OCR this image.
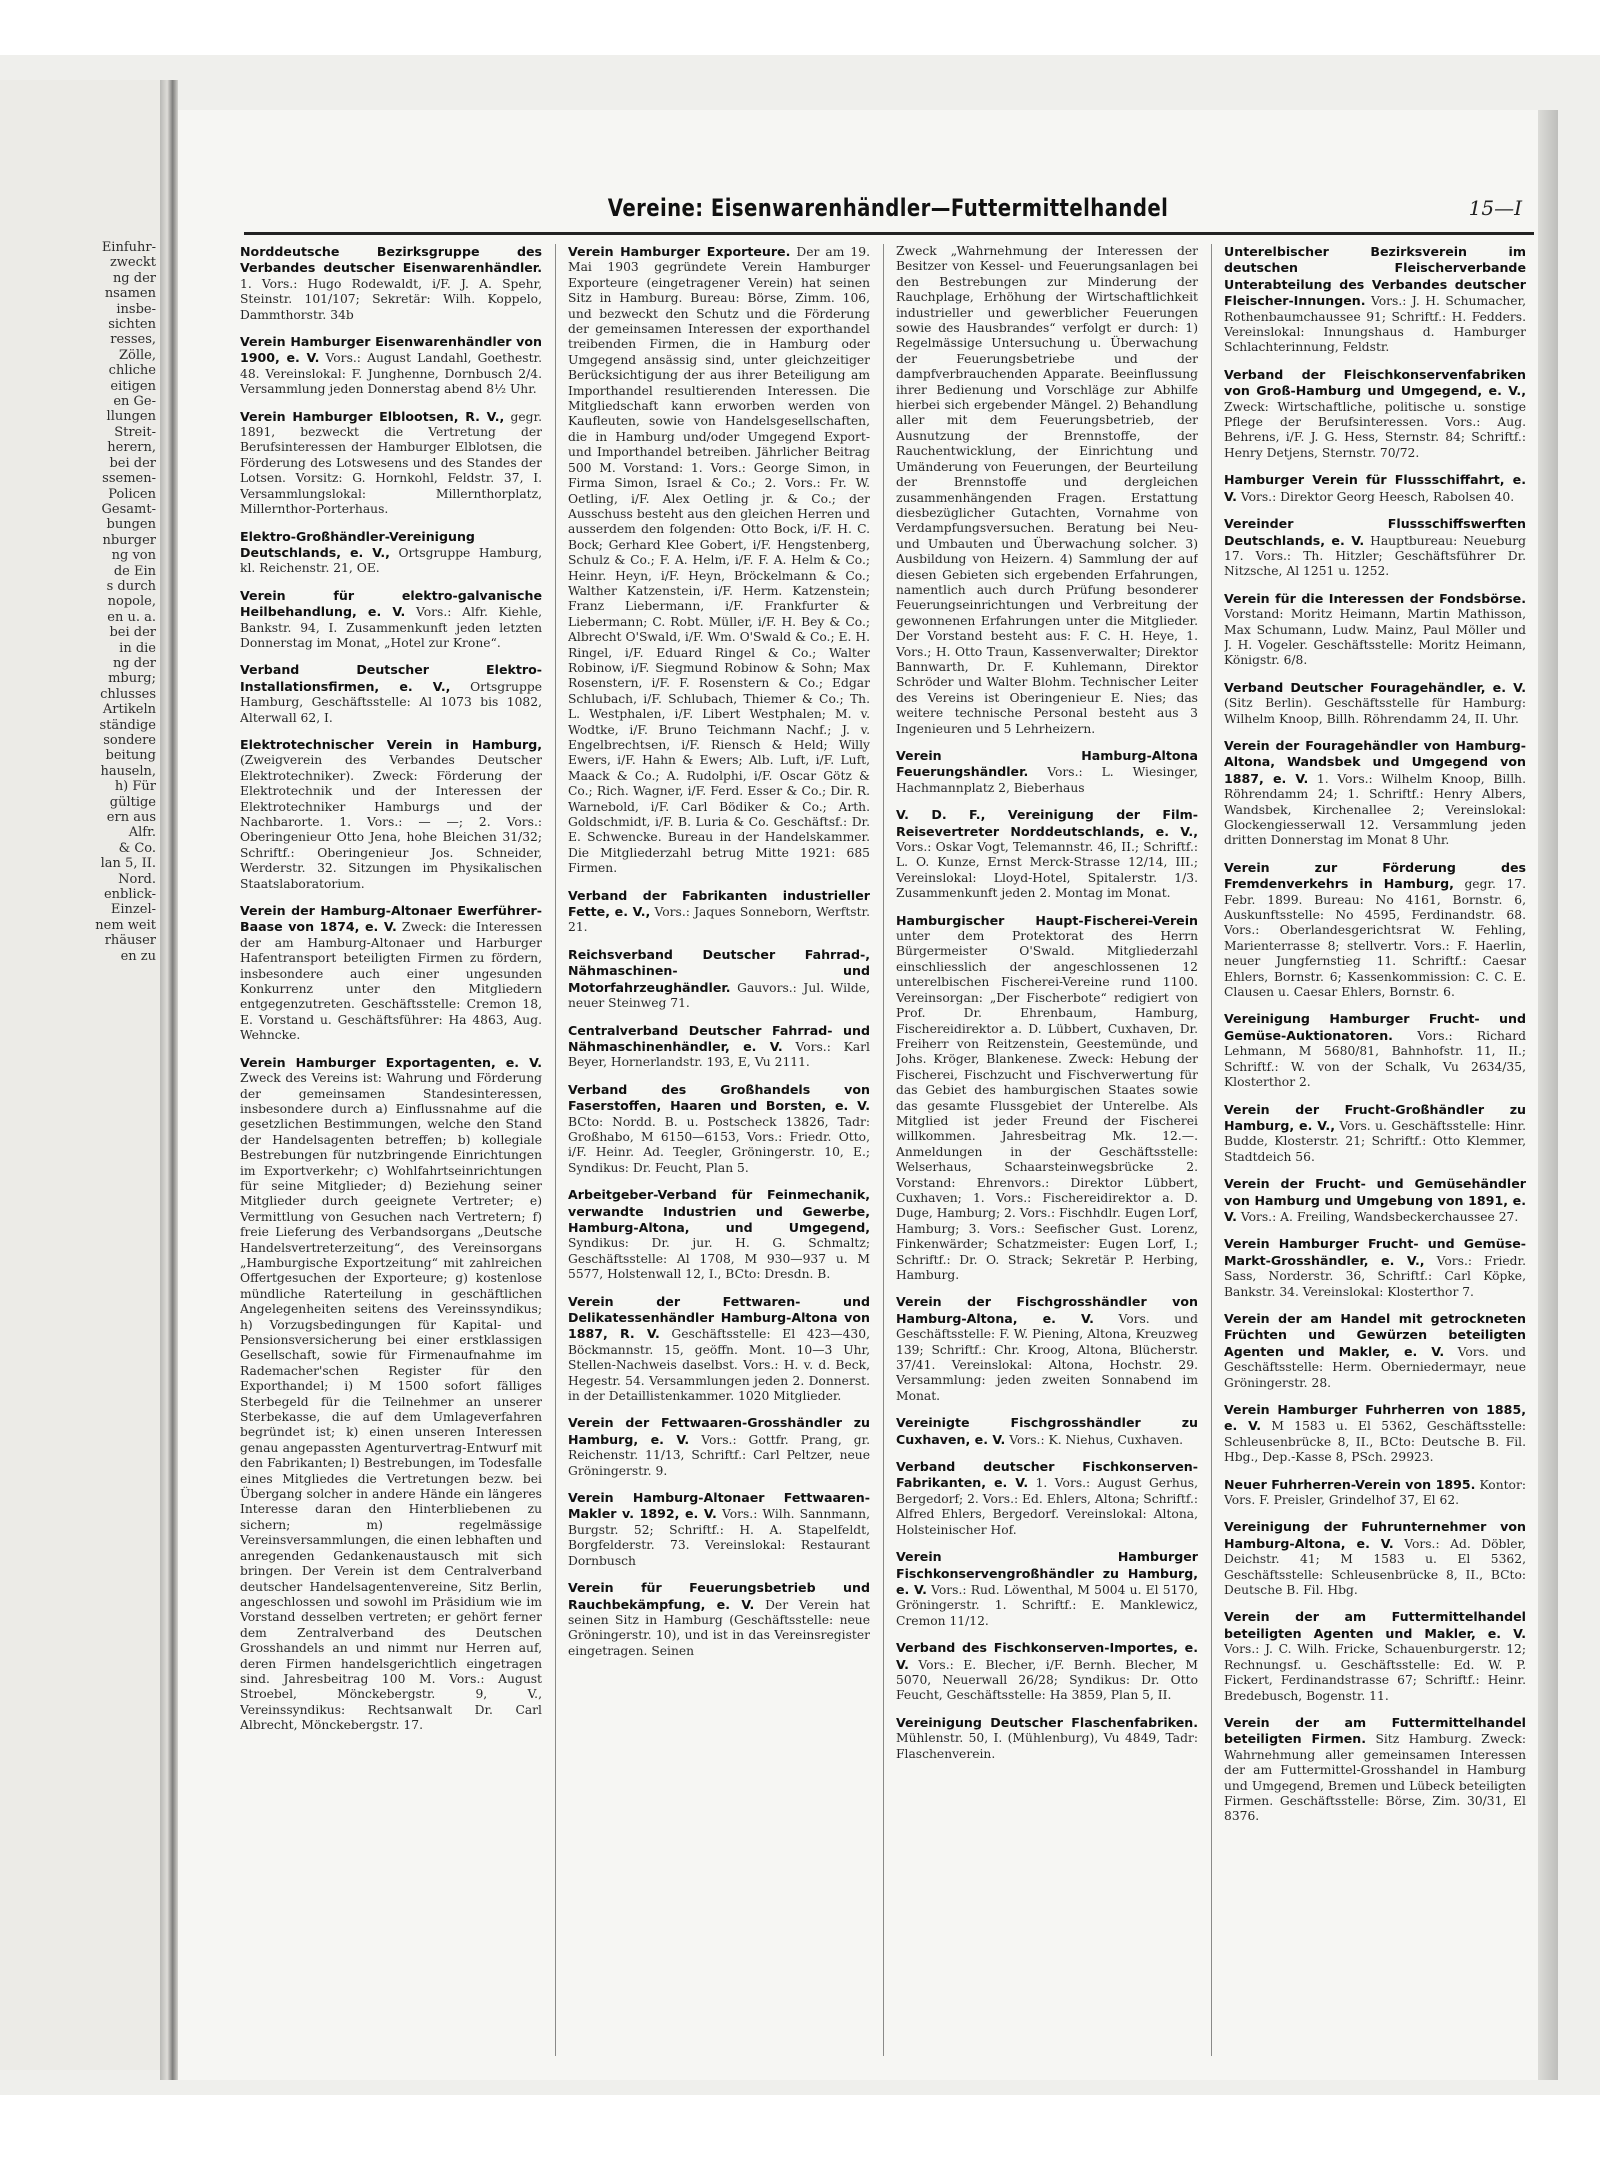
Einfuhr-
zweckt
ng der
nsamen
insbe-
sichten
resses,
Zölle,
chliche
eitigen
en Ge-
llungen
Streit-
herern,
bei der
ssemen-
Policen
Gesamt-
bungen
nburger
ng von
de Ein
s durch
nopole,
en u. a.
bei der
in die
ng der
mburg;
chlusses
Artikeln
ständige
sondere
beitung
hauseln,
h) Für
gültige
ern aus
Alfr.
& Co.
lan 5, II.
Nord.
enblick-
Einzel-
nem weit
rhäuser
en zu
Vereine: Eisenwarenhändler—Futtermittelhandel	15—I

Norddeutsche Bezirksgruppe des Verbandes deutscher Eisenwarenhändler. 1. Vors.: Hugo Rodewaldt, i/F. J. A. Spehr, Steinstr. 101/107; Sekretär: Wilh. Koppelo, Dammthorstr. 34b

Verein Hamburger Eisenwarenhändler von 1900, e. V. Vors.: August Landahl, Goethestr. 48. Vereinslokal: F. Junghenne, Dornbusch 2/4. Versammlung jeden Donnerstag abend 8½ Uhr.

Verein Hamburger Elblootsen, R. V., gegr. 1891, bezweckt die Vertretung der Berufsinteressen der Hamburger Elblotsen, die Förderung des Lotswesens und des Standes der Lotsen. Vorsitz: G. Hornkohl, Feldstr. 37, I. Versammlungslokal: Millernthorplatz, Millernthor-Porterhaus.

Elektro-Großhändler-Vereinigung Deutschlands, e. V., Ortsgruppe Hamburg, kl. Reichenstr. 21, OE.

Verein für elektro-galvanische Heilbehandlung, e. V. Vors.: Alfr. Kiehle, Bankstr. 94, I. Zusammenkunft jeden letzten Donnerstag im Monat, „Hotel zur Krone“.

Verband Deutscher Elektro-Installationsfirmen, e. V., Ortsgruppe Hamburg, Geschäftsstelle: Al 1073 bis 1082, Alterwall 62, I.

Elektrotechnischer Verein in Hamburg, (Zweigverein des Verbandes Deutscher Elektrotechniker). Zweck: Förderung der Elektrotechnik und der Interessen der Elektrotechniker Hamburgs und der Nachbarorte. 1. Vors.: — —; 2. Vors.: Oberingenieur Otto Jena, hohe Bleichen 31/32; Schriftf.: Oberingenieur Jos. Schneider, Werderstr. 32. Sitzungen im Physikalischen Staatslaboratorium.

Verein der Hamburg-Altonaer Ewerführer-Baase von 1874, e. V. Zweck: die Interessen der am Hamburg-Altonaer und Harburger Hafentransport beteiligten Firmen zu fördern, insbesondere auch einer ungesunden Konkurrenz unter den Mitgliedern entgegenzutreten. Geschäftsstelle: Cremon 18, E. Vorstand u. Geschäftsführer: Ha 4863, Aug. Wehncke.

Verein Hamburger Exportagenten, e. V. Zweck des Vereins ist: Wahrung und Förderung der gemeinsamen Standesinteressen, insbesondere durch a) Einflussnahme auf die gesetzlichen Bestimmungen, welche den Stand der Handelsagenten betreffen; b) kollegiale Bestrebungen für nutzbringende Einrichtungen im Exportverkehr; c) Wohlfahrtseinrichtungen für seine Mitglieder; d) Beziehung seiner Mitglieder durch geeignete Vertreter; e) Vermittlung von Gesuchen nach Vertretern; f) freie Lieferung des Verbandsorgans „Deutsche Handelsvertreterzeitung“, des Vereinsorgans „Hamburgische Exportzeitung“ mit zahlreichen Offertgesuchen der Exporteure; g) kostenlose mündliche Raterteilung in geschäftlichen Angelegenheiten seitens des Vereinssyndikus; h) Vorzugsbedingungen für Kapital- und Pensionsversicherung bei einer erstklassigen Gesellschaft, sowie für Firmenaufnahme im Rademacher'schen Register für den Exporthandel; i) M 1500 sofort fälliges Sterbegeld für die Teilnehmer an unserer Sterbekasse, die auf dem Umlageverfahren begründet ist; k) einen unseren Interessen genau angepassten Agenturvertrag-Entwurf mit den Fabrikanten; l) Bestrebungen, im Todesfalle eines Mitgliedes die Vertretungen bezw. bei Übergang solcher in andere Hände ein längeres Interesse daran den Hinterbliebenen zu sichern; m) regelmässige Vereinsversammlungen, die einen lebhaften und anregenden Gedankenaustausch mit sich bringen. Der Verein ist dem Centralverband deutscher Handelsagentenvereine, Sitz Berlin, angeschlossen und sowohl im Präsidium wie im Vorstand desselben vertreten; er gehört ferner dem Zentralverband des Deutschen Grosshandels an und nimmt nur Herren auf, deren Firmen handelsgerichtlich eingetragen sind. Jahresbeitrag 100 M. Vors.: August Stroebel, Mönckebergstr. 9, V., Vereinssyndikus: Rechtsanwalt Dr. Carl Albrecht, Mönckebergstr. 17.

Verein Hamburger Exporteure. Der am 19. Mai 1903 gegründete Verein Hamburger Exporteure (eingetragener Verein) hat seinen Sitz in Hamburg. Bureau: Börse, Zimm. 106, und bezweckt den Schutz und die Förderung der gemeinsamen Interessen der exporthandel treibenden Firmen, die in Hamburg oder Umgegend ansässig sind, unter gleichzeitiger Berücksichtigung der aus ihrer Beteiligung am Importhandel resultierenden Interessen. Die Mitgliedschaft kann erworben werden von Kaufleuten, sowie von Handelsgesellschaften, die in Hamburg und/oder Umgegend Export- und Importhandel betreiben. Jährlicher Beitrag 500 M. Vorstand: 1. Vors.: George Simon, in Firma Simon, Israel & Co.; 2. Vors.: Fr. W. Oetling, i/F. Alex Oetling jr. & Co.; der Ausschuss besteht aus den gleichen Herren und ausserdem den folgenden: Otto Bock, i/F. H. C. Bock; Gerhard Klee Gobert, i/F. Hengstenberg, Schulz & Co.; F. A. Helm, i/F. F. A. Helm & Co.; Heinr. Heyn, i/F. Heyn, Bröckelmann & Co.; Walther Katzenstein, i/F. Herm. Katzenstein; Franz Liebermann, i/F. Frankfurter & Liebermann; C. Robt. Müller, i/F. H. Bey & Co.; Albrecht O'Swald, i/F. Wm. O'Swald & Co.; E. H. Ringel, i/F. Eduard Ringel & Co.; Walter Robinow, i/F. Siegmund Robinow & Sohn; Max Rosenstern, i/F. F. Rosenstern & Co.; Edgar Schlubach, i/F. Schlubach, Thiemer & Co.; Th. L. Westphalen, i/F. Libert Westphalen; M. v. Wodtke, i/F. Bruno Teichmann Nachf.; J. v. Engelbrechtsen, i/F. Riensch & Held; Willy Ewers, i/F. Hahn & Ewers; Alb. Luft, i/F. Luft, Maack & Co.; A. Rudolphi, i/F. Oscar Götz & Co.; Rich. Wagner, i/F. Ferd. Esser & Co.; Dir. R. Warnebold, i/F. Carl Bödiker & Co.; Arth. Goldschmidt, i/F. B. Luria & Co. Geschäftsf.: Dr. E. Schwencke. Bureau in der Handelskammer. Die Mitgliederzahl betrug Mitte 1921: 685 Firmen.

Verband der Fabrikanten industrieller Fette, e. V., Vors.: Jaques Sonneborn, Werftstr. 21.

Reichsverband Deutscher Fahrrad-, Nähmaschinen- und Motorfahrzeughändler. Gauvors.: Jul. Wilde, neuer Steinweg 71.

Centralverband Deutscher Fahrrad- und Nähmaschinenhändler, e. V. Vors.: Karl Beyer, Hornerlandstr. 193, E, Vu 2111.

Verband des Großhandels von Faserstoffen, Haaren und Borsten, e. V. BCto: Nordd. B. u. Postscheck 13826, Tadr: Großhabo, M 6150—6153, Vors.: Friedr. Otto, i/F. Heinr. Ad. Teegler, Gröningerstr. 10, E.; Syndikus: Dr. Feucht, Plan 5.

Arbeitgeber-Verband für Feinmechanik, verwandte Industrien und Gewerbe, Hamburg-Altona, und Umgegend, Syndikus: Dr. jur. H. G. Schmaltz; Geschäftsstelle: Al 1708, M 930—937 u. M 5577, Holstenwall 12, I., BCto: Dresdn. B.

Verein der Fettwaren- und Delikatessenhändler Hamburg-Altona von 1887, R. V. Geschäftsstelle: El 423—430, Böckmannstr. 15, geöffn. Mont. 10—3 Uhr, Stellen-Nachweis daselbst. Vors.: H. v. d. Beck, Hegestr. 54. Versammlungen jeden 2. Donnerst. in der Detaillistenkammer. 1020 Mitglieder.

Verein der Fettwaaren-Grosshändler zu Hamburg, e. V. Vors.: Gottfr. Prang, gr. Reichenstr. 11/13, Schriftf.: Carl Peltzer, neue Gröningerstr. 9.

Verein Hamburg-Altonaer Fettwaaren-Makler v. 1892, e. V. Vors.: Wilh. Sannmann, Burgstr. 52; Schriftf.: H. A. Stapelfeldt, Borgfelderstr. 73. Vereinslokal: Restaurant Dornbusch

Verein für Feuerungsbetrieb und Rauchbekämpfung, e. V. Der Verein hat seinen Sitz in Hamburg (Geschäftsstelle: neue Gröningerstr. 10), und ist in das Vereinsregister eingetragen. Seinen

Zweck „Wahrnehmung der Interessen der Besitzer von Kessel- und Feuerungsanlagen bei den Bestrebungen zur Minderung der Rauchplage, Erhöhung der Wirtschaftlichkeit industrieller und gewerblicher Feuerungen sowie des Hausbrandes“ verfolgt er durch: 1) Regelmässige Untersuchung u. Überwachung der Feuerungsbetriebe und der dampfverbrauchenden Apparate. Beeinflussung ihrer Bedienung und Vorschläge zur Abhilfe hierbei sich ergebender Mängel. 2) Behandlung aller mit dem Feuerungsbetrieb, der Ausnutzung der Brennstoffe, der Rauchentwicklung, der Einrichtung und Umänderung von Feuerungen, der Beurteilung der Brennstoffe und dergleichen zusammenhängenden Fragen. Erstattung diesbezüglicher Gutachten, Vornahme von Verdampfungsversuchen. Beratung bei Neu- und Umbauten und Überwachung solcher. 3) Ausbildung von Heizern. 4) Sammlung der auf diesen Gebieten sich ergebenden Erfahrungen, namentlich auch durch Prüfung besonderer Feuerungseinrichtungen und Verbreitung der gewonnenen Erfahrungen unter die Mitglieder. Der Vorstand besteht aus: F. C. H. Heye, 1. Vors.; H. Otto Traun, Kassenverwalter; Direktor Bannwarth, Dr. F. Kuhlemann, Direktor Schröder und Walter Blohm. Technischer Leiter des Vereins ist Oberingenieur E. Nies; das weitere technische Personal besteht aus 3 Ingenieuren und 5 Lehrheizern.

Verein Hamburg-Altona Feuerungshändler. Vors.: L. Wiesinger, Hachmannplatz 2, Bieberhaus

V. D. F., Vereinigung der Film-Reisevertreter Norddeutschlands, e. V., Vors.: Oskar Vogt, Telemannstr. 46, II.; Schriftf.: L. O. Kunze, Ernst Merck-Strasse 12/14, III.; Vereinslokal: Lloyd-Hotel, Spitalerstr. 1/3. Zusammenkunft jeden 2. Montag im Monat.

Hamburgischer Haupt-Fischerei-Verein unter dem Protektorat des Herrn Bürgermeister O'Swald. Mitgliederzahl einschliesslich der angeschlossenen 12 unterelbischen Fischerei-Vereine rund 1100. Vereinsorgan: „Der Fischerbote“ redigiert von Prof. Dr. Ehrenbaum, Hamburg, Fischereidirektor a. D. Lübbert, Cuxhaven, Dr. Freiherr von Reitzenstein, Geestemünde, und Johs. Kröger, Blankenese. Zweck: Hebung der Fischerei, Fischzucht und Fischverwertung für das Gebiet des hamburgischen Staates sowie das gesamte Flussgebiet der Unterelbe. Als Mitglied ist jeder Freund der Fischerei willkommen. Jahresbeitrag Mk. 12.—. Anmeldungen in der Geschäftsstelle: Welserhaus, Schaarsteinwegsbrücke 2. Vorstand: Ehrenvors.: Direktor Lübbert, Cuxhaven; 1. Vors.: Fischereidirektor a. D. Duge, Hamburg; 2. Vors.: Fischhdlr. Eugen Lorf, Hamburg; 3. Vors.: Seefischer Gust. Lorenz, Finkenwärder; Schatzmeister: Eugen Lorf, I.; Schriftf.: Dr. O. Strack; Sekretär P. Herbing, Hamburg.

Verein der Fischgrosshändler von Hamburg-Altona, e. V. Vors. und Geschäftsstelle: F. W. Piening, Altona, Kreuzweg 139; Schriftf.: Chr. Kroog, Altona, Blücherstr. 37/41. Vereinslokal: Altona, Hochstr. 29. Versammlung: jeden zweiten Sonnabend im Monat.

Vereinigte Fischgrosshändler zu Cuxhaven, e. V. Vors.: K. Niehus, Cuxhaven.

Verband deutscher Fischkonserven-Fabrikanten, e. V. 1. Vors.: August Gerhus, Bergedorf; 2. Vors.: Ed. Ehlers, Altona; Schriftf.: Alfred Ehlers, Bergedorf. Vereinslokal: Altona, Holsteinischer Hof.

Verein Hamburger Fischkonservengroßhändler zu Hamburg, e. V. Vors.: Rud. Löwenthal, M 5004 u. El 5170, Gröningerstr. 1. Schriftf.: E. Manklewicz, Cremon 11/12.

Verband des Fischkonserven-Importes, e. V. Vors.: E. Blecher, i/F. Bernh. Blecher, M 5070, Neuerwall 26/28; Syndikus: Dr. Otto Feucht, Geschäftsstelle: Ha 3859, Plan 5, II.

Vereinigung Deutscher Flaschenfabriken. Mühlenstr. 50, I. (Mühlenburg), Vu 4849, Tadr: Flaschenverein.

Unterelbischer Bezirksverein im deutschen Fleischerverbande Unterabteilung des Verbandes deutscher Fleischer-Innungen. Vors.: J. H. Schumacher, Rothenbaumchaussee 91; Schriftf.: H. Fedders. Vereinslokal: Innungshaus d. Hamburger Schlachterinnung, Feldstr.

Verband der Fleischkonservenfabriken von Groß-Hamburg und Umgegend, e. V., Zweck: Wirtschaftliche, politische u. sonstige Pflege der Berufsinteressen. Vors.: Aug. Behrens, i/F. J. G. Hess, Sternstr. 84; Schriftf.: Henry Detjens, Sternstr. 70/72.

Hamburger Verein für Flussschiffahrt, e. V. Vors.: Direktor Georg Heesch, Rabolsen 40.

Vereinder Flussschiffswerften Deutschlands, e. V. Hauptbureau: Neueburg 17. Vors.: Th. Hitzler; Geschäftsführer Dr. Nitzsche, Al 1251 u. 1252.

Verein für die Interessen der Fondsbörse. Vorstand: Moritz Heimann, Martin Mathisson, Max Schumann, Ludw. Mainz, Paul Möller und J. H. Vogeler. Geschäftsstelle: Moritz Heimann, Königstr. 6/8.

Verband Deutscher Fouragehändler, e. V. (Sitz Berlin). Geschäftsstelle für Hamburg: Wilhelm Knoop, Billh. Röhrendamm 24, II. Uhr.

Verein der Fouragehändler von Hamburg-Altona, Wandsbek und Umgegend von 1887, e. V. 1. Vors.: Wilhelm Knoop, Billh. Röhrendamm 24; 1. Schriftf.: Henry Albers, Wandsbek, Kirchenallee 2; Vereinslokal: Glockengiesserwall 12. Versammlung jeden dritten Donnerstag im Monat 8 Uhr.

Verein zur Förderung des Fremdenverkehrs in Hamburg, gegr. 17. Febr. 1899. Bureau: No 4161, Bornstr. 6, Auskunftsstelle: No 4595, Ferdinandstr. 68. Vors.: Oberlandesgerichtsrat W. Fehling, Marienterrasse 8; stellvertr. Vors.: F. Haerlin, neuer Jungfernstieg 11. Schriftf.: Caesar Ehlers, Bornstr. 6; Kassenkommission: C. C. E. Clausen u. Caesar Ehlers, Bornstr. 6.

Vereinigung Hamburger Frucht- und Gemüse-Auktionatoren. Vors.: Richard Lehmann, M 5680/81, Bahnhofstr. 11, II.; Schriftf.: W. von der Schalk, Vu 2634/35, Klosterthor 2.

Verein der Frucht-Großhändler zu Hamburg, e. V., Vors. u. Geschäftsstelle: Hinr. Budde, Klosterstr. 21; Schriftf.: Otto Klemmer, Stadtdeich 56.

Verein der Frucht- und Gemüsehändler von Hamburg und Umgebung von 1891, e. V. Vors.: A. Freiling, Wandsbeckerchaussee 27.

Verein Hamburger Frucht- und Gemüse-Markt-Grosshändler, e. V., Vors.: Friedr. Sass, Norderstr. 36, Schriftf.: Carl Köpke, Bankstr. 34. Vereinslokal: Klosterthor 7.

Verein der am Handel mit getrockneten Früchten und Gewürzen beteiligten Agenten und Makler, e. V. Vors. und Geschäftsstelle: Herm. Oberniedermayr, neue Gröningerstr. 28.

Verein Hamburger Fuhrherren von 1885, e. V. M 1583 u. El 5362, Geschäftsstelle: Schleusenbrücke 8, II., BCto: Deutsche B. Fil. Hbg., Dep.-Kasse 8, PSch. 29923.

Neuer Fuhrherren-Verein von 1895. Kontor: Vors. F. Preisler, Grindelhof 37, El 62.

Vereinigung der Fuhrunternehmer von Hamburg-Altona, e. V. Vors.: Ad. Döbler, Deichstr. 41; M 1583 u. El 5362, Geschäftsstelle: Schleusenbrücke 8, II., BCto: Deutsche B. Fil. Hbg.

Verein der am Futtermittelhandel beteiligten Agenten und Makler, e. V. Vors.: J. C. Wilh. Fricke, Schauenburgerstr. 12; Rechnungsf. u. Geschäftsstelle: Ed. W. P. Fickert, Ferdinandstrasse 67; Schriftf.: Heinr. Bredebusch, Bogenstr. 11.

Verein der am Futtermittelhandel beteiligten Firmen. Sitz Hamburg. Zweck: Wahrnehmung aller gemeinsamen Interessen der am Futtermittel-Grosshandel in Hamburg und Umgegend, Bremen und Lübeck beteiligten Firmen. Geschäftsstelle: Börse, Zim. 30/31, El 8376.
